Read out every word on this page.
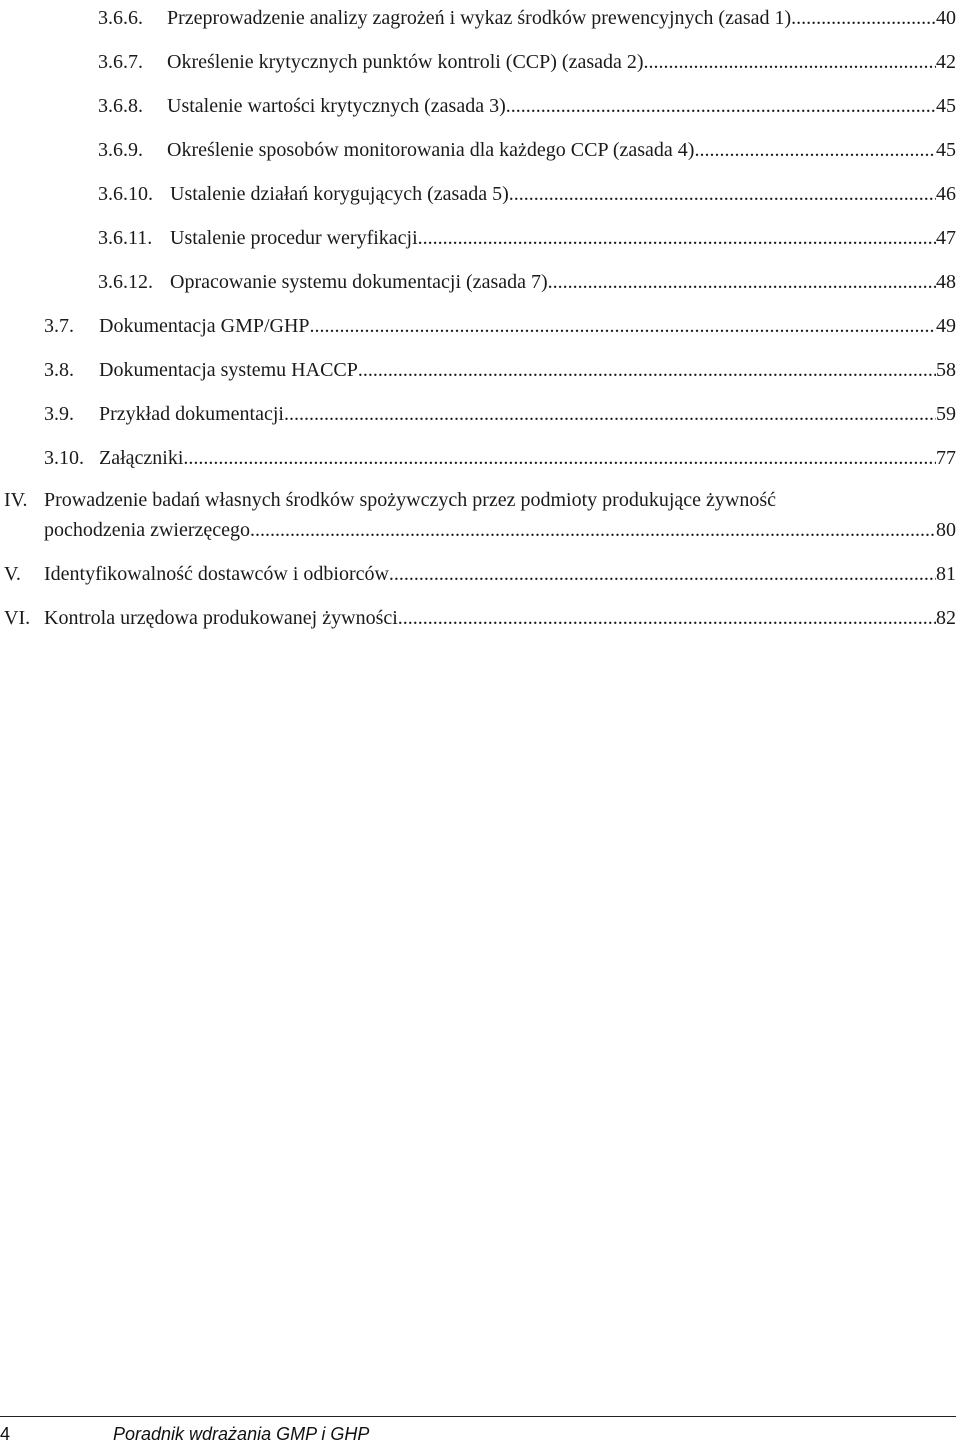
3.6.6.	Przeprowadzenie analizy zagrożeń i wykaz środków prewencyjnych (zasad 1) .....	40
3.6.7.	Określenie krytycznych punktów kontroli (CCP) (zasada 2) .....	42
3.6.8.	Ustalenie wartości krytycznych (zasada 3) .....	45
3.6.9.	Określenie sposobów monitorowania dla każdego CCP (zasada 4) .....	45
3.6.10. Ustalenie działań korygujących (zasada 5) .....	46
3.6.11. Ustalenie procedur weryfikacji .....	47
3.6.12. Opracowanie systemu dokumentacji (zasada 7) .....	48
3.7.	Dokumentacja GMP/GHP .....	49
3.8.	Dokumentacja systemu HACCP .....	58
3.9.	Przykład dokumentacji .....	59
3.10. Załączniki .....	77
IV. Prowadzenie badań własnych środków spożywczych przez podmioty produkujące żywność
pochodzenia zwierzęcego .....	80
V.	Identyfikowalność dostawców i odbiorców .....	81
VI. Kontrola urzędowa produkowanej żywności .....	82
4	Poradnik wdrażania GMP i GHP
